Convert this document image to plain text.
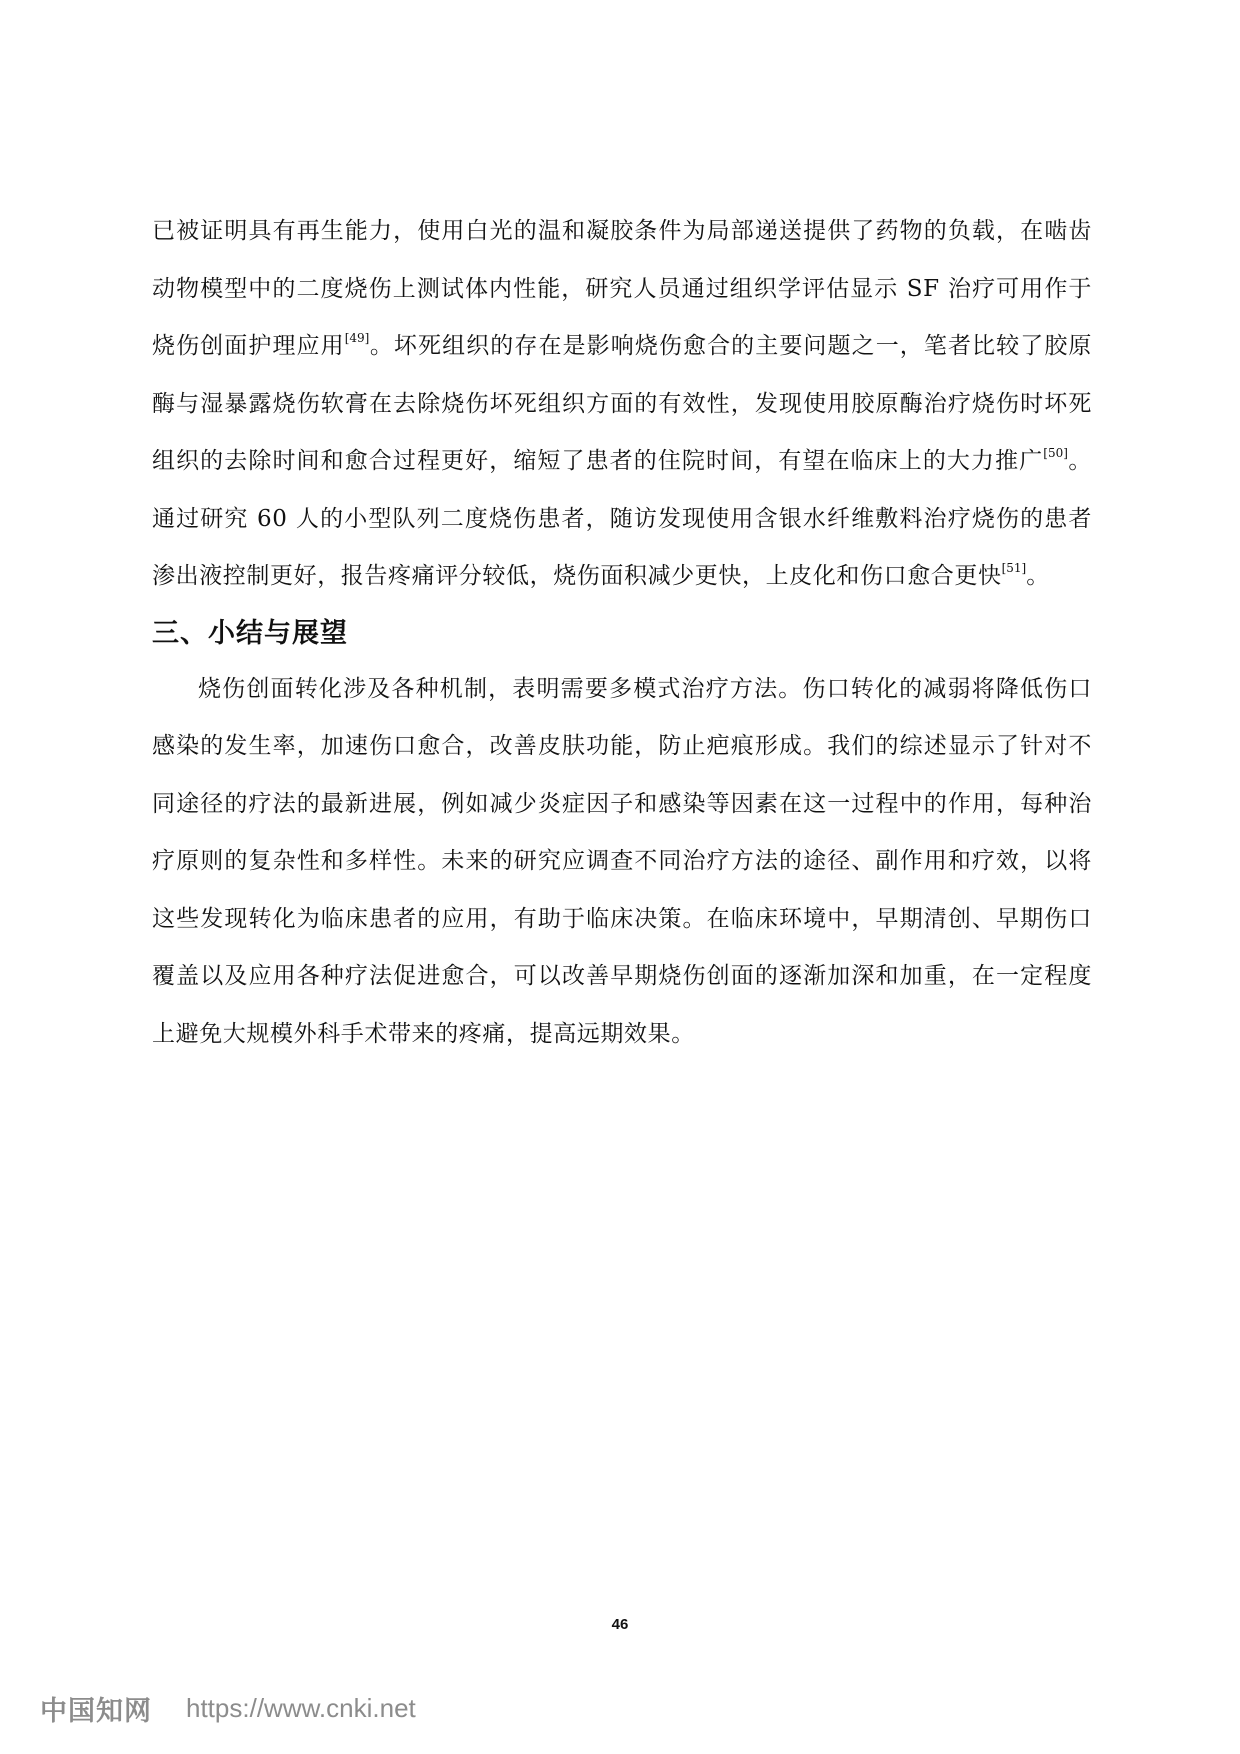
已被证明具有再生能力，使用白光的温和凝胶条件为局部递送提供了药物的负载，在啮齿动物模型中的二度烧伤上测试体内性能，研究人员通过组织学评估显示 SF 治疗可用作于烧伤创面护理应用[49]。坏死组织的存在是影响烧伤愈合的主要问题之一，笔者比较了胶原酶与湿暴露烧伤软膏在去除烧伤坏死组织方面的有效性，发现使用胶原酶治疗烧伤时坏死组织的去除时间和愈合过程更好，缩短了患者的住院时间，有望在临床上的大力推广[50]。通过研究 60 人的小型队列二度烧伤患者，随访发现使用含银水纤维敷料治疗烧伤的患者渗出液控制更好，报告疼痛评分较低，烧伤面积减少更快，上皮化和伤口愈合更快[51]。

三、小结与展望

烧伤创面转化涉及各种机制，表明需要多模式治疗方法。伤口转化的减弱将降低伤口感染的发生率，加速伤口愈合，改善皮肤功能，防止疤痕形成。我们的综述显示了针对不同途径的疗法的最新进展，例如减少炎症因子和感染等因素在这一过程中的作用，每种治疗原则的复杂性和多样性。未来的研究应调查不同治疗方法的途径、副作用和疗效，以将这些发现转化为临床患者的应用，有助于临床决策。在临床环境中，早期清创、早期伤口覆盖以及应用各种疗法促进愈合，可以改善早期烧伤创面的逐渐加深和加重，在一定程度上避免大规模外科手术带来的疼痛，提高远期效果。

46
中国知网 https://www.cnki.net
